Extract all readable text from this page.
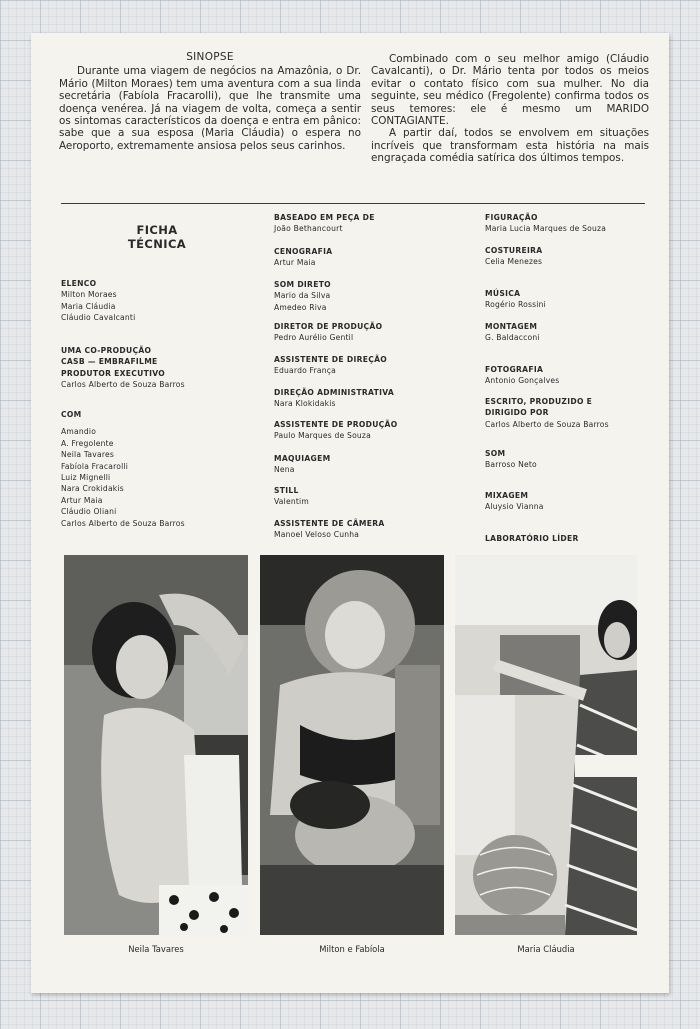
SINOPSE

Durante uma viagem de negócios na Amazônia, o Dr. Mário (Milton Moraes) tem uma aventura com a sua linda secretária (Fabíola Fracarolli), que lhe transmite uma doença venérea. Já na viagem de volta, começa a sentir os sintomas característicos da doença e entra em pânico: sabe que a sua esposa (Maria Cláudia) o espera no Aeroporto, extremamente ansiosa pelos seus carinhos.

Combinado com o seu melhor amigo (Cláudio Cavalcanti), o Dr. Mário tenta por todos os meios evitar o contato físico com sua mulher. No dia seguinte, seu médico (Fregolente) confirma todos os seus temores: ele é mesmo um MARIDO CONTAGIANTE.

A partir daí, todos se envolvem em situações incríveis que transformam esta história na mais engraçada comédia satírica dos últimos tempos.

FICHA
TÉCNICA
ELENCO
Milton Moraes
Maria Cláudia
Cláudio Cavalcanti
UMA CO-PRODUÇÃO
CASB — EMBRAFILME
PRODUTOR EXECUTIVO
Carlos Alberto de Souza Barros
COM
Amandio
A. Fregolente
Neila Tavares
Fabíola Fracarolli
Luiz Mignelli
Nara Crokidakis
Artur Maia
Cláudio Oliani
Carlos Alberto de Souza Barros
BASEADO EM PEÇA DE
João Bethancourt
CENOGRAFIA
Artur Maia
SOM DIRETO
Mario da Silva
Amedeo Riva
DIRETOR DE PRODUÇÃO
Pedro Aurélio Gentil
ASSISTENTE DE DIREÇÃO
Eduardo França
DIREÇÃO ADMINISTRATIVA
Nara Klokidakis
ASSISTENTE DE PRODUÇÃO
Paulo Marques de Souza
MAQUIAGEM
Nena
STILL
Valentim
ASSISTENTE DE CÂMERA
Manoel Veloso Cunha
FIGURAÇÃO
Maria Lucia Marques de Souza
COSTUREIRA
Celia Menezes
MÚSICA
Rogério Rossini
MONTAGEM
G. Baldacconi
FOTOGRAFIA
Antonio Gonçalves
ESCRITO, PRODUZIDO E
DIRIGIDO POR
Carlos Alberto de Souza Barros
SOM
Barroso Neto
MIXAGEM
Aluysio Vianna
LABORATÓRIO LÍDER
Neila Tavares	Milton e Fabíola	Maria Cláudia
